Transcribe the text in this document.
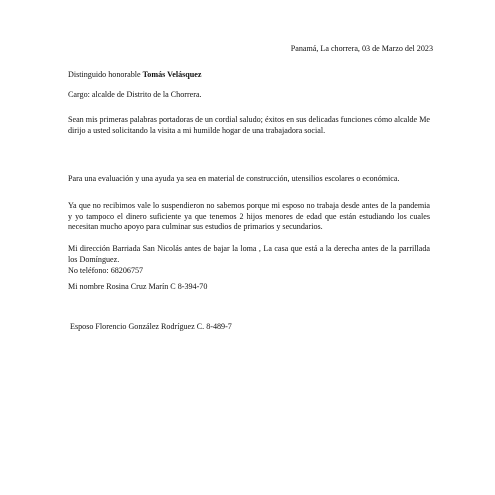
Panamá, La chorrera, 03 de Marzo del 2023
Distinguido honorable Tomás Velásquez
Cargo: alcalde de Distrito de la Chorrera.
Sean mis primeras palabras portadoras de un cordial saludo; éxitos en sus delicadas funciones cómo alcalde Me dirijo a usted solicitando la visita a mi humilde hogar de una trabajadora social.
Para una evaluación y una ayuda ya sea en material de construcción, utensilios escolares o económica.
Ya que no recibimos vale lo suspendieron no sabemos porque mi esposo no trabaja desde antes de la pandemia y yo tampoco el dinero suficiente ya que tenemos 2 hijos menores de edad que están estudiando los cuales necesitan mucho apoyo para culminar sus estudios de primarios y secundarios.
Mi dirección Barriada San Nicolás antes de bajar la loma , La casa que está a la derecha antes de la parrillada los Domínguez.
No teléfono: 68206757
Mi nombre Rosina Cruz Marín C 8-394-70
Esposo Florencio González Rodríguez C. 8-489-7
